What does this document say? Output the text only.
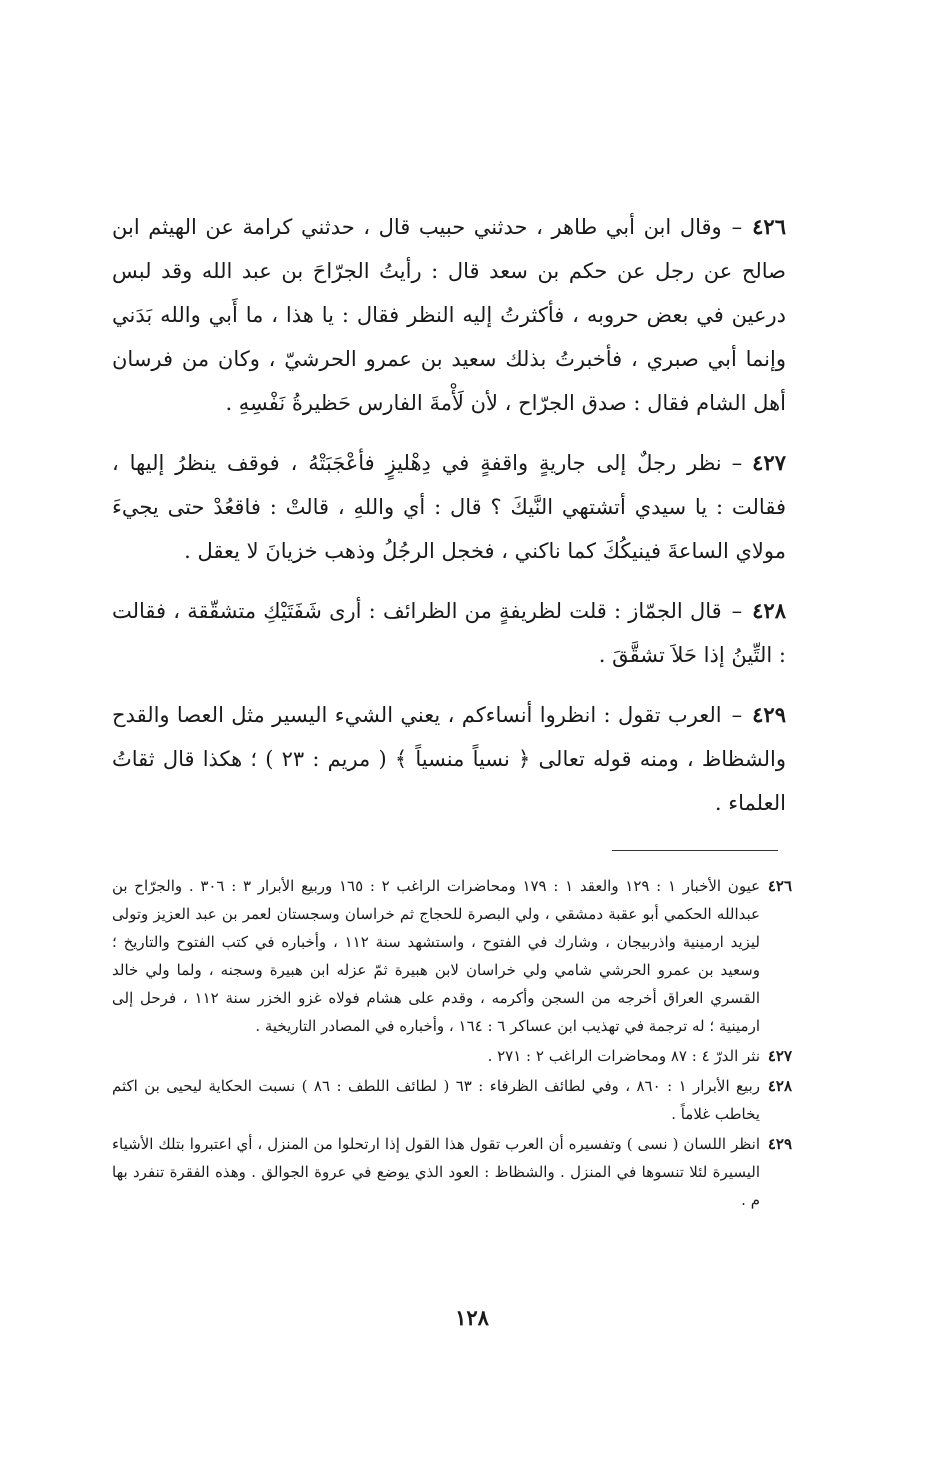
٤٢٦–وقال ابن أبي طاهر ، حدثني حبيب قال ، حدثني كرامة عن الهيثم ابن صالح عن رجل عن حكم بن سعد قال : رأيتُ الجرّاحَ بن عبد الله وقد لبس درعين في بعض حروبه ، فأكثرتُ إليه النظر فقال : يا هذا ، ما أَبي والله بَدَني وإنما أبي صبري ، فأخبرتُ بذلك سعيد بن عمرو الحرشيّ ، وكان من فرسان أهل الشام فقال : صدق الجرّاح ، لأن لَأْمةَ الفارس حَظيرةُ نَفْسِهِ .

٤٢٧–نظر رجلٌ إلى جاريةٍ واقفةٍ في دِهْليزٍ فأعْجَبَتْهُ ، فوقف ينظرُ إليها ، فقالت : يا سيدي أتشتهي النَّيكَ ؟ قال : أي واللهِ ، قالتْ : فاقعُدْ حتى يجيءَ مولاي الساعةَ فينيكُكَ كما ناكني ، فخجل الرجُلُ وذهب خزيانَ لا يعقل .

٤٢٨–قال الجمّاز : قلت لظريفةٍ من الظرائف : أرى شَفَتَيْكِ متشقّقة ، فقالت : التِّينُ إذا حَلاَ تشقَّقَ .

٤٢٩–العرب تقول : انظروا أنساءكم ، يعني الشيء اليسير مثل العصا والقدح والشظاظ ، ومنه قوله تعالى ﴿ نسياً منسياً ﴾ ( مريم : ٢٣ ) ؛ هكذا قال ثقاتُ العلماء .

٤٢٦
عيون الأخبار ١ : ١٢٩ والعقد ١ : ١٧٩ ومحاضرات الراغب ٢ : ١٦٥ وربيع الأبرار ٣ : ٣٠٦ . والجرّاح بن عبدالله الحكمي أبو عقبة دمشقي ، ولي البصرة للحجاج ثم خراسان وسجستان لعمر بن عبد العزيز وتولى ليزيد ارمينية واذربيجان ، وشارك في الفتوح ، واستشهد سنة ١١٢ ، وأخباره في كتب الفتوح والتاريخ ؛ وسعيد بن عمرو الحرشي شامي ولي خراسان لابن هبيرة ثمّ عزله ابن هبيرة وسجنه ، ولما ولي خالد القسري العراق أخرجه من السجن وأكرمه ، وقدم على هشام فولاه غزو الخزر سنة ١١٢ ، فرحل إلى ارمينية ؛ له ترجمة في تهذيب ابن عساكر ٦ : ١٦٤ ، وأخباره في المصادر التاريخية .
٤٢٧
نثر الدرّ ٤ : ٨٧ ومحاضرات الراغب ٢ : ٢٧١ .
٤٢٨
ربيع الأبرار ١ : ٨٦٠ ، وفي لطائف الظرفاء : ٦٣ ( لطائف اللطف : ٨٦ ) نسبت الحكاية ليحيى بن اكثم يخاطب غلاماً .
٤٢٩
انظر اللسان ( نسى ) وتفسيره أن العرب تقول هذا القول إذا ارتحلوا من المنزل ، أي اعتبروا بتلك الأشياء اليسيرة لئلا تنسوها في المنزل . والشظاظ : العود الذي يوضع في عروة الجوالق . وهذه الفقرة تنفرد بها م .
١٢٨
